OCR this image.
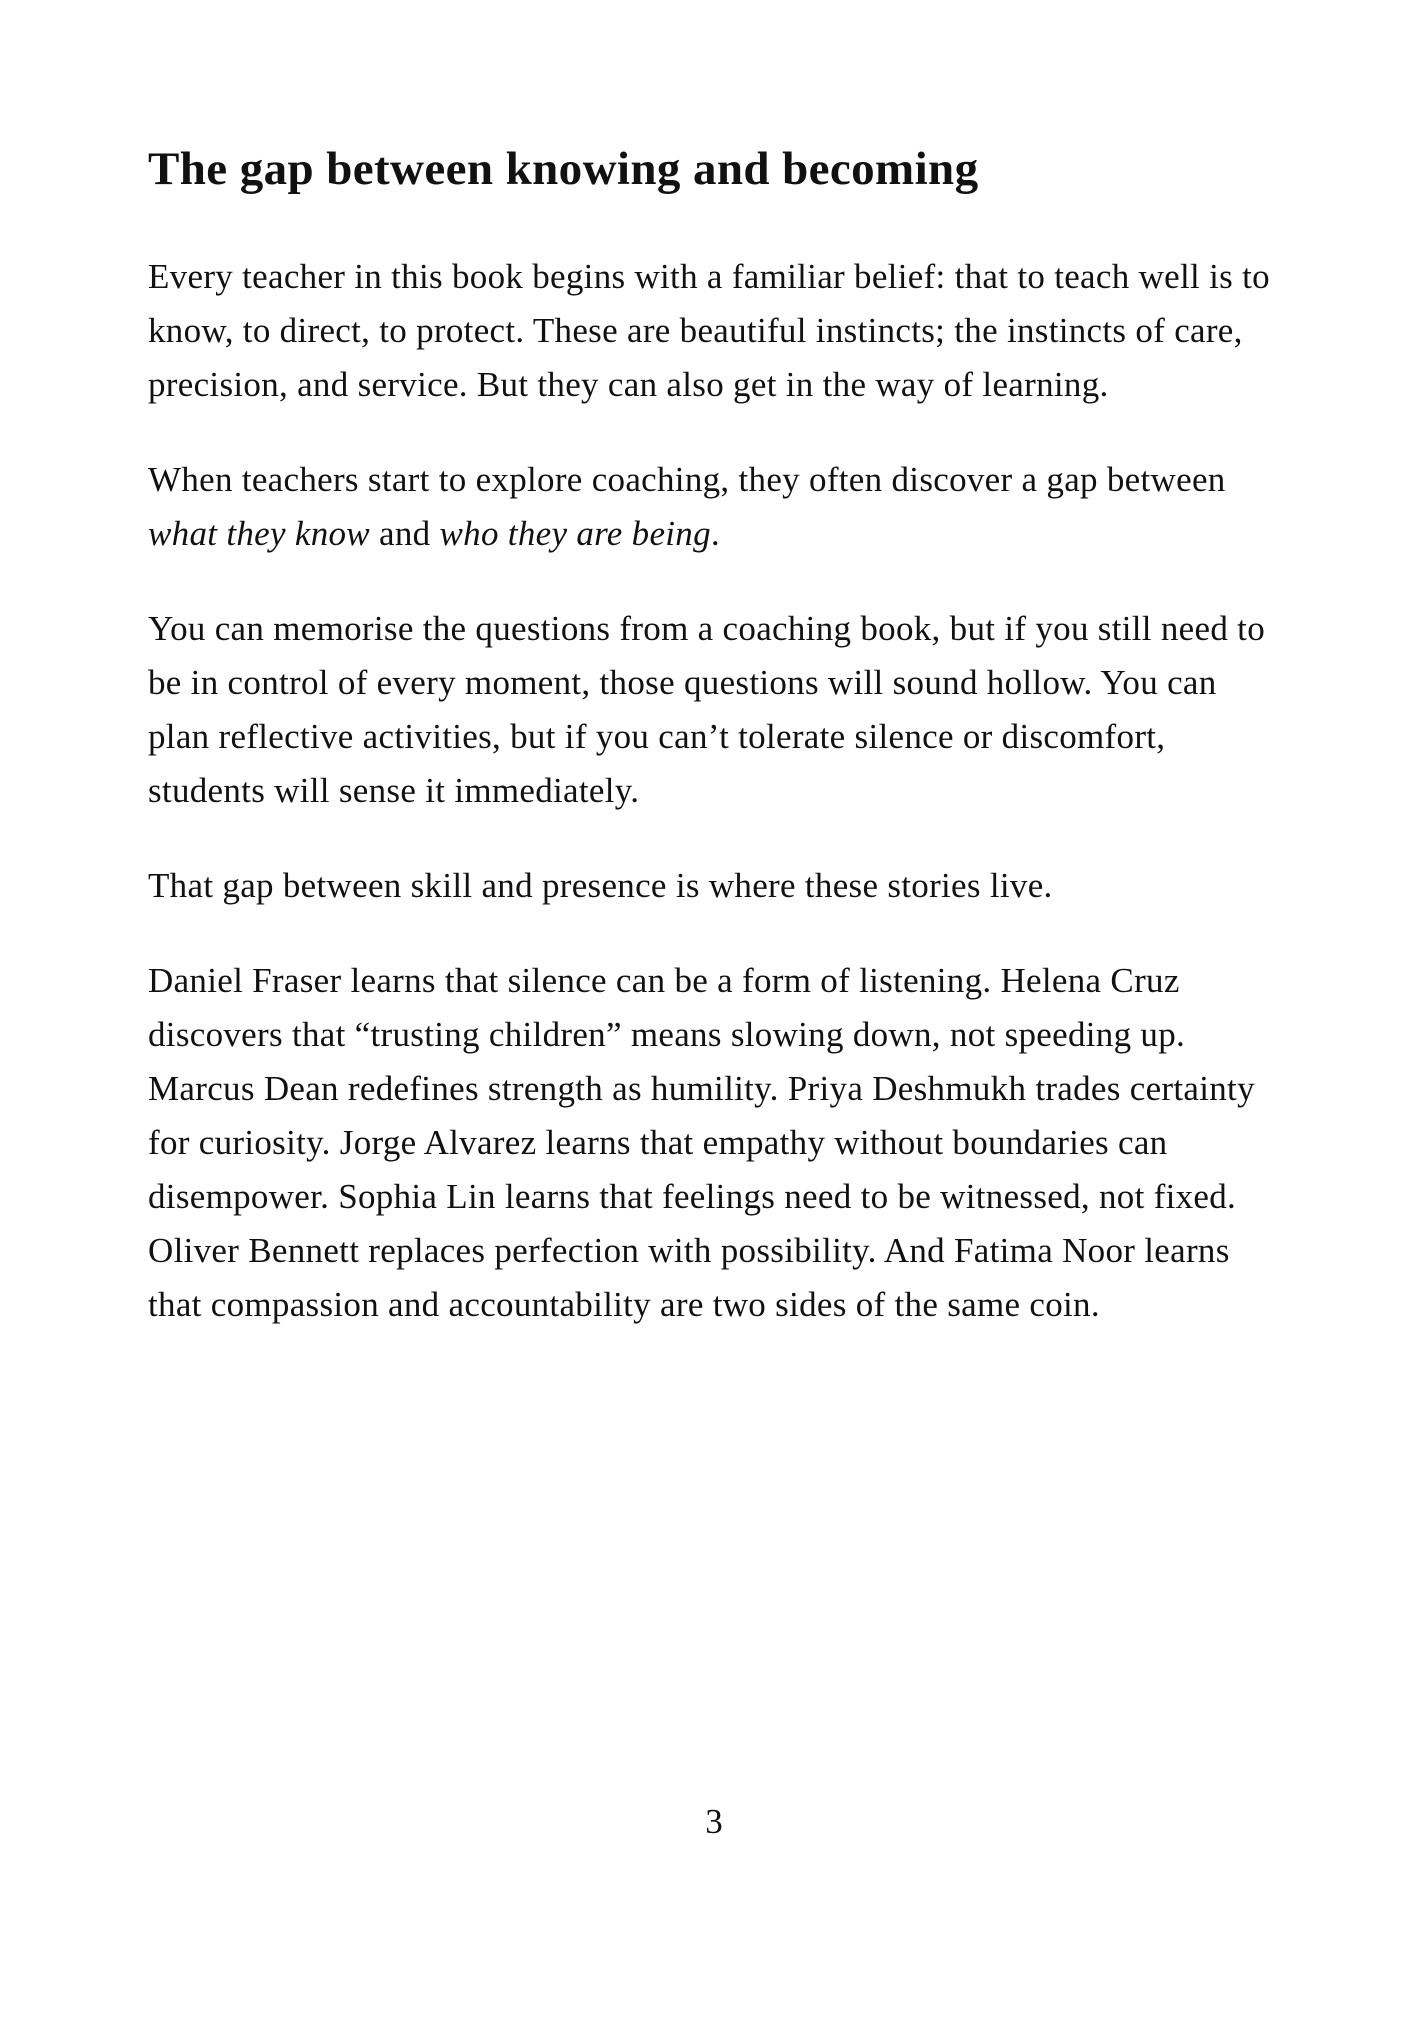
The gap between knowing and becoming

Every teacher in this book begins with a familiar belief: that to teach well is to know, to direct, to protect. These are beautiful instincts; the instincts of care, precision, and service. But they can also get in the way of learning.

When teachers start to explore coaching, they often discover a gap between what they know and who they are being.

You can memorise the questions from a coaching book, but if you still need to be in control of every moment, those questions will sound hollow. You can plan reflective activities, but if you can’t tolerate silence or discomfort, students will sense it immediately.

That gap between skill and presence is where these stories live.

Daniel Fraser learns that silence can be a form of listening. Helena Cruz discovers that “trusting children” means slowing down, not speeding up. Marcus Dean redefines strength as humility. Priya Deshmukh trades certainty for curiosity. Jorge Alvarez learns that empathy without boundaries can disempower. Sophia Lin learns that feelings need to be witnessed, not fixed. Oliver Bennett replaces perfection with possibility. And Fatima Noor learns that compassion and accountability are two sides of the same coin.

3
